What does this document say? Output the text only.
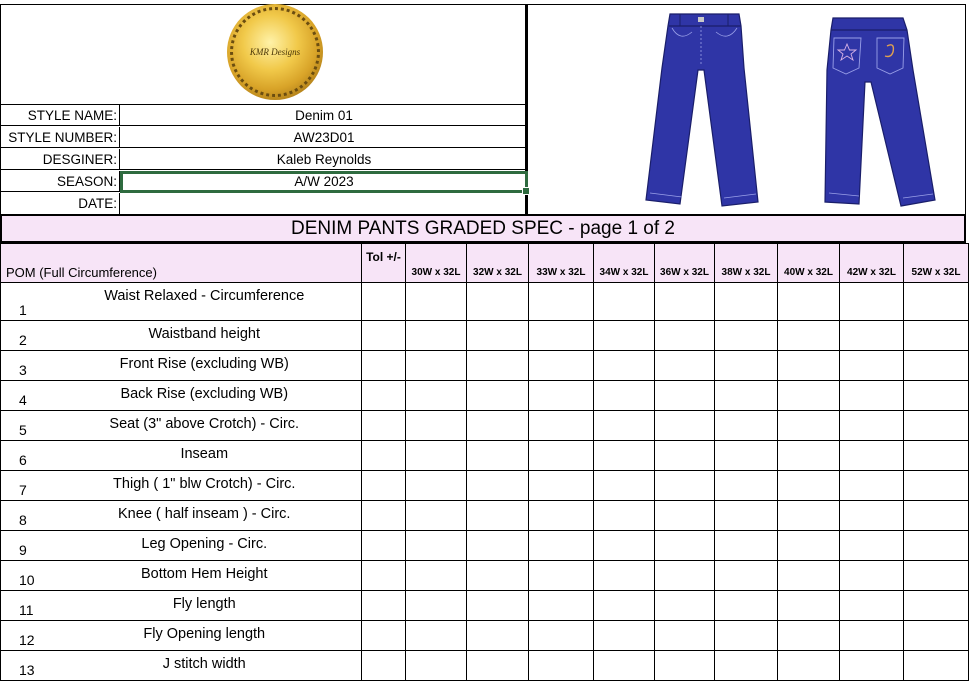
KMR Designs
STYLE NAME:	Denim 01
STYLE NUMBER:	AW23D01
DESGINER:	Kaleb Reynolds
SEASON:	A/W 2023
DATE:
DENIM PANTS GRADED SPEC - page 1 of 2
POM (Full Circumference)		Tol +/-	30W x 32L	32W x 32L	33W x 32L	34W x 32L	36W x 32L	38W x 32L	40W x 32L	42W x 32L	52W x 32L
1	Waist Relaxed - Circumference										
2	Waistband height										
3	Front Rise (excluding WB)										
4	Back Rise (excluding WB)										
5	Seat (3" above Crotch) - Circ.										
6	Inseam										
7	Thigh ( 1" blw Crotch) - Circ.										
8	Knee ( half inseam ) - Circ.										
9	Leg Opening - Circ.										
10	Bottom Hem Height										
11	Fly length										
12	Fly Opening length										
13	J stitch width										
